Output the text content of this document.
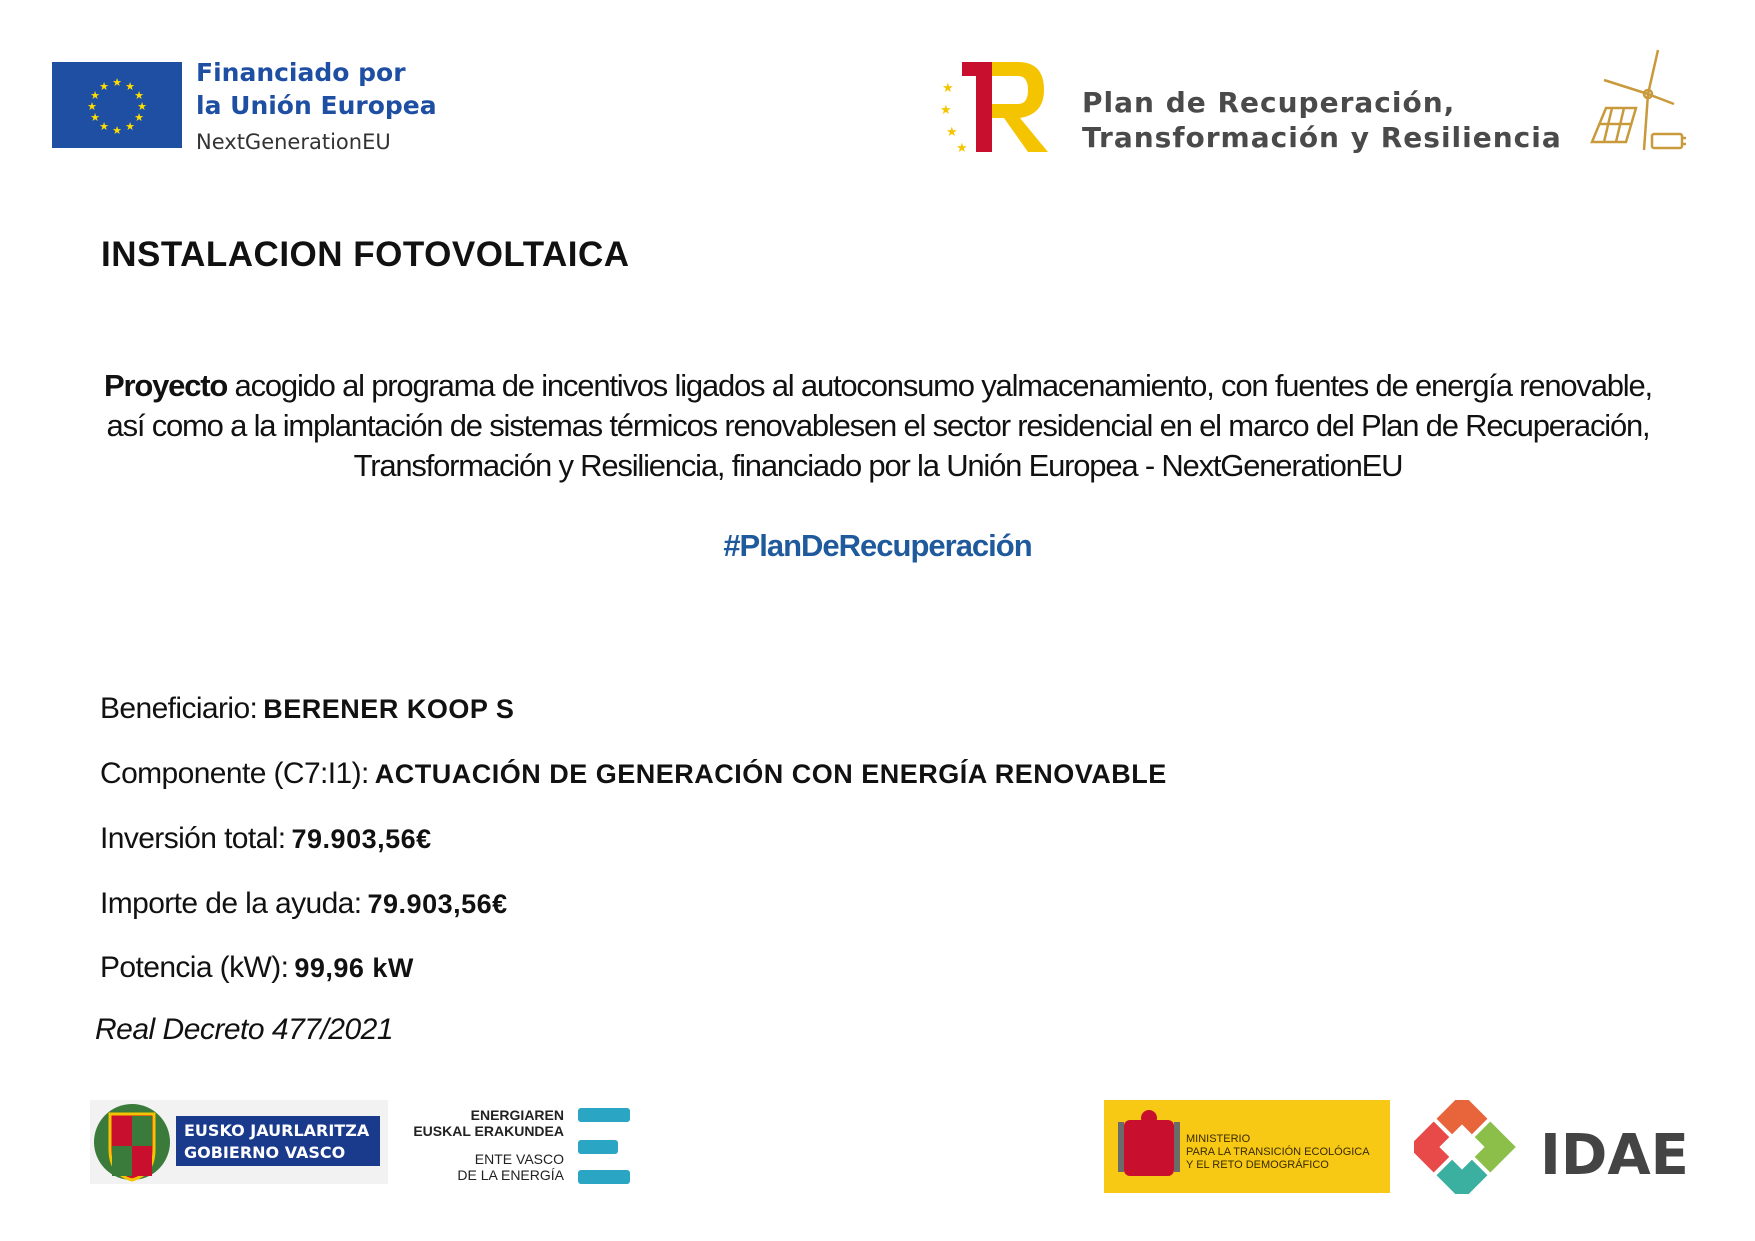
★ ★
★
★
★
★
★
★
★
★
★
★	Financiado por
la Unión Europea
NextGenerationEU
★
★
★
★
Plan de Recuperación,
Transformación y Resiliencia
INSTALACION FOTOVOLTAICA
Proyecto acogido al programa de incentivos ligados al autoconsumo yalmacenamiento, con fuentes de energía renovable, así como a la implantación de sistemas térmicos renovablesen el sector residencial en el marco del Plan de Recuperación, Transformación y Resiliencia, financiado por la Unión Europea - NextGenerationEU
#PlanDeRecuperación
Beneficiario: BERENER KOOP S
Componente (C7:I1): ACTUACIÓN DE GENERACIÓN CON ENERGÍA RENOVABLE
Inversión total: 79.903,56€
Importe de la ayuda: 79.903,56€
Potencia (kW): 99,96 kW
Real Decreto 477/2021
EUSKO JAURLARITZA
GOBIERNO VASCO
ENERGIAREN
EUSKAL ERAKUNDEA
ENTE VASCO
DE LA ENERGÍA
MINISTERIO
PARA LA TRANSICIÓN ECOLÓGICA
Y EL RETO DEMOGRÁFICO	IDAE
